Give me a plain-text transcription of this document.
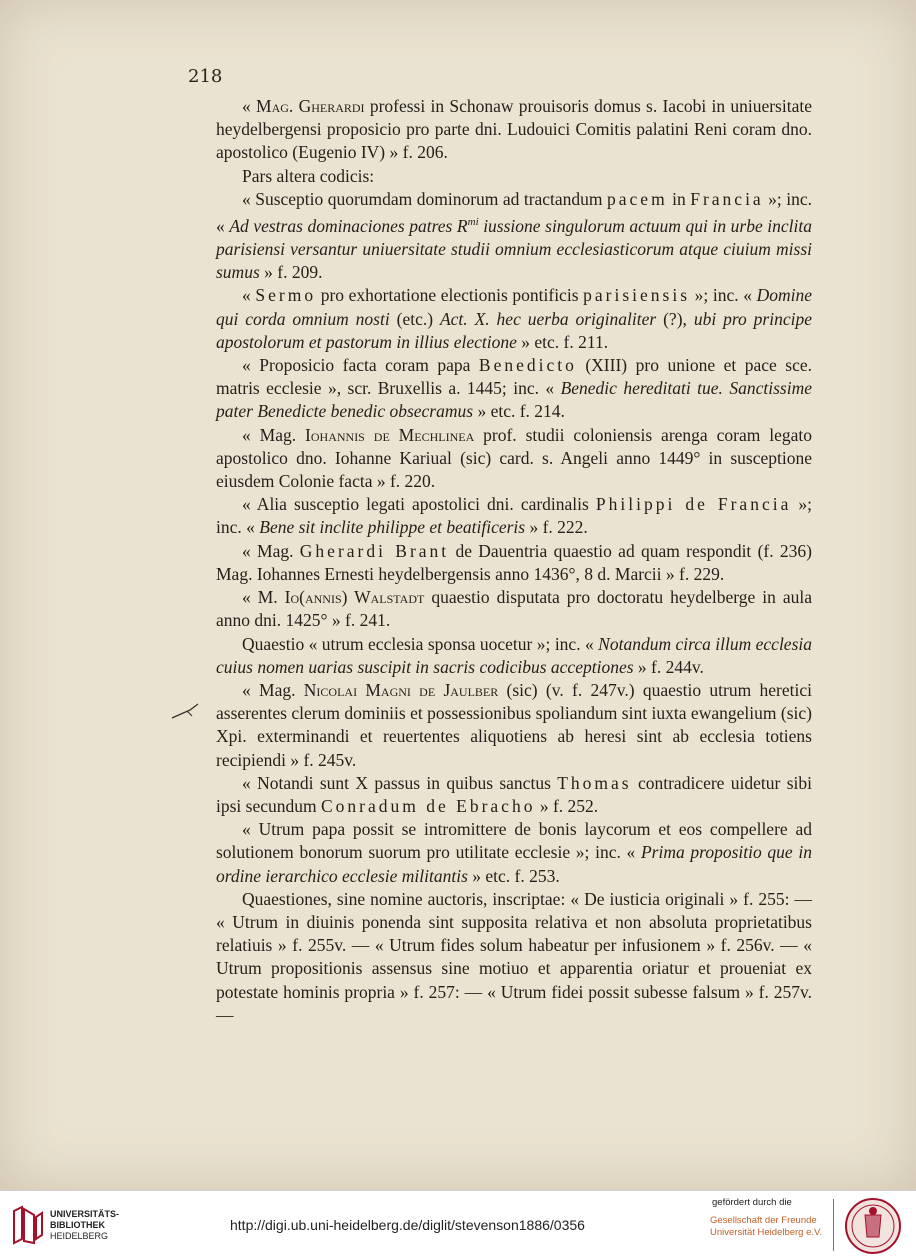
218

« Mag. Gherardi professi in Schonaw prouisoris domus s. Iacobi in uniuersitate heydelbergensi proposicio pro parte dni. Ludouici Comitis palatini Reni coram dno. apostolico (Eugenio IV) » f. 206.

Pars altera codicis:

« Susceptio quorumdam dominorum ad tractandum pacem in Francia »; inc. « Ad vestras dominaciones patres $R^{mi}$ iussione singulorum actuum qui in urbe inclita parisiensi versantur uniuersitate studii omnium ecclesiasticorum atque ciuium missi sumus » f. 209.

« Sermo pro exhortatione electionis pontificis parisiensis »; inc. « Domine qui corda omnium nosti (etc.) Act. X. hec uerba originaliter (?), ubi pro principe apostolorum et pastorum in illius electione » etc. f. 211.

« Proposicio facta coram papa Benedicto (XIII) pro unione et pace sce. matris ecclesie », scr. Bruxellis a. 1445; inc. « Benedic hereditati tue. Sanctissime pater Benedicte benedic obsecramus » etc. f. 214.

« Mag. Iohannis de Mechlinea prof. studii coloniensis arenga coram legato apostolico dno. Iohanne Kariual (sic) card. s. Angeli anno 1449° in susceptione eiusdem Colonie facta » f. 220.

« Alia susceptio legati apostolici dni. cardinalis Philippi de Francia »; inc. « Bene sit inclite philippe et beatificeris » f. 222.

« Mag. Gherardi Brant de Dauentria quaestio ad quam respondit (f. 236) Mag. Iohannes Ernesti heydelbergensis anno 1436°, 8 d. Marcii » f. 229.

« M. Io(annis) Walstadt quaestio disputata pro doctoratu heydelberge in aula anno dni. 1425° » f. 241.

Quaestio « utrum ecclesia sponsa uocetur »; inc. « Notandum circa illum ecclesia cuius nomen uarias suscipit in sacris codicibus acceptiones » f. 244v.

« Mag. Nicolai Magni de Jaulber (sic) (v. f. 247v.) quaestio utrum heretici asserentes clerum dominiis et possessionibus spoliandum sint iuxta ewangelium (sic) Xpi. exterminandi et reuertentes aliquotiens ab heresi sint ab ecclesia totiens recipiendi » f. 245v.

« Notandi sunt X passus in quibus sanctus Thomas contradicere uidetur sibi ipsi secundum Conradum de Ebracho » f. 252.

« Utrum papa possit se intromittere de bonis laycorum et eos compellere ad solutionem bonorum suorum pro utilitate ecclesie »; inc. « Prima propositio que in ordine ierarchico ecclesie militantis » etc. f. 253.

Quaestiones, sine nomine auctoris, inscriptae: « De iusticia originali » f. 255: — « Utrum in diuinis ponenda sint supposita relativa et non absoluta proprietatibus relatiuis » f. 255v. — « Utrum fides solum habeatur per infusionem » f. 256v. — « Utrum propositionis assensus sine motiuo et apparentia oriatur et proueniat ex potestate hominis propria » f. 257: — « Utrum fidei possit subesse falsum » f. 257v. —

UNIVERSITÄTS-
BIBLIOTHEK
HEIDELBERG
http://digi.ub.uni-heidelberg.de/diglit/stevenson1886/0356
gefördert durch die
Gesellschaft der Freunde
Universität Heidelberg e.V.
